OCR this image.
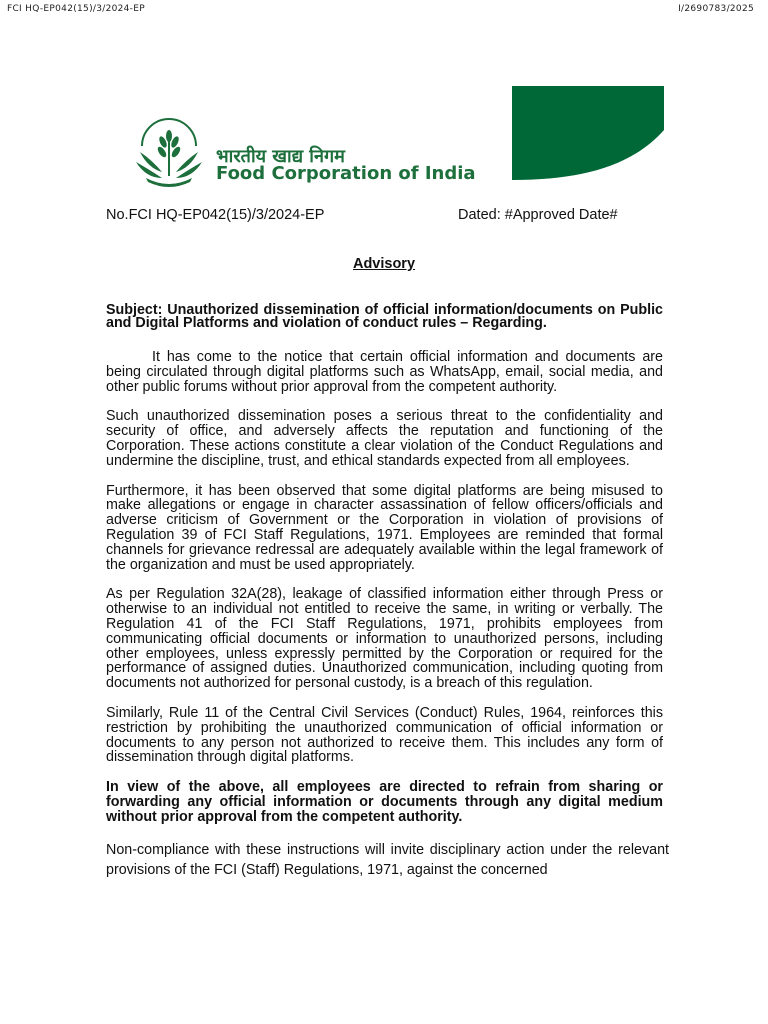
FCI HQ-EP042(15)/3/2024-EP	I/2690783/2025
भारतीय खाद्य निगम
Food Corporation of India
No.FCI HQ-EP042(15)/3/2024-EP	Dated: #Approved Date#
Advisory

Subject: Unauthorized dissemination of official information/documents on Public and Digital Platforms and violation of conduct rules – Regarding.

It has come to the notice that certain official information and documents are being circulated through digital platforms such as WhatsApp, email, social media, and other public forums without prior approval from the competent authority.

Such unauthorized dissemination poses a serious threat to the confidentiality and security of office, and adversely affects the reputation and functioning of the Corporation. These actions constitute a clear violation of the Conduct Regulations and undermine the discipline, trust, and ethical standards expected from all employees.

Furthermore, it has been observed that some digital platforms are being misused to make allegations or engage in character assassination of fellow officers/officials and adverse criticism of Government or the Corporation in violation of provisions of Regulation 39 of FCI Staff Regulations, 1971. Employees are reminded that formal channels for grievance redressal are adequately available within the legal framework of the organization and must be used appropriately.

As per Regulation 32A(28), leakage of classified information either through Press or otherwise to an individual not entitled to receive the same, in writing or verbally. The Regulation 41 of the FCI Staff Regulations, 1971, prohibits employees from communicating official documents or information to unauthorized persons, including other employees, unless expressly permitted by the Corporation or required for the performance of assigned duties. Unauthorized communication, including quoting from documents not authorized for personal custody, is a breach of this regulation.

Similarly, Rule 11 of the Central Civil Services (Conduct) Rules, 1964, reinforces this restriction by prohibiting the unauthorized communication of official information or documents to any person not authorized to receive them. This includes any form of dissemination through digital platforms.

In view of the above, all employees are directed to refrain from sharing or forwarding any official information or documents through any digital medium without prior approval from the competent authority.

Non-compliance with these instructions will invite disciplinary action under the relevant provisions of the FCI (Staff) Regulations, 1971, against the concerned
